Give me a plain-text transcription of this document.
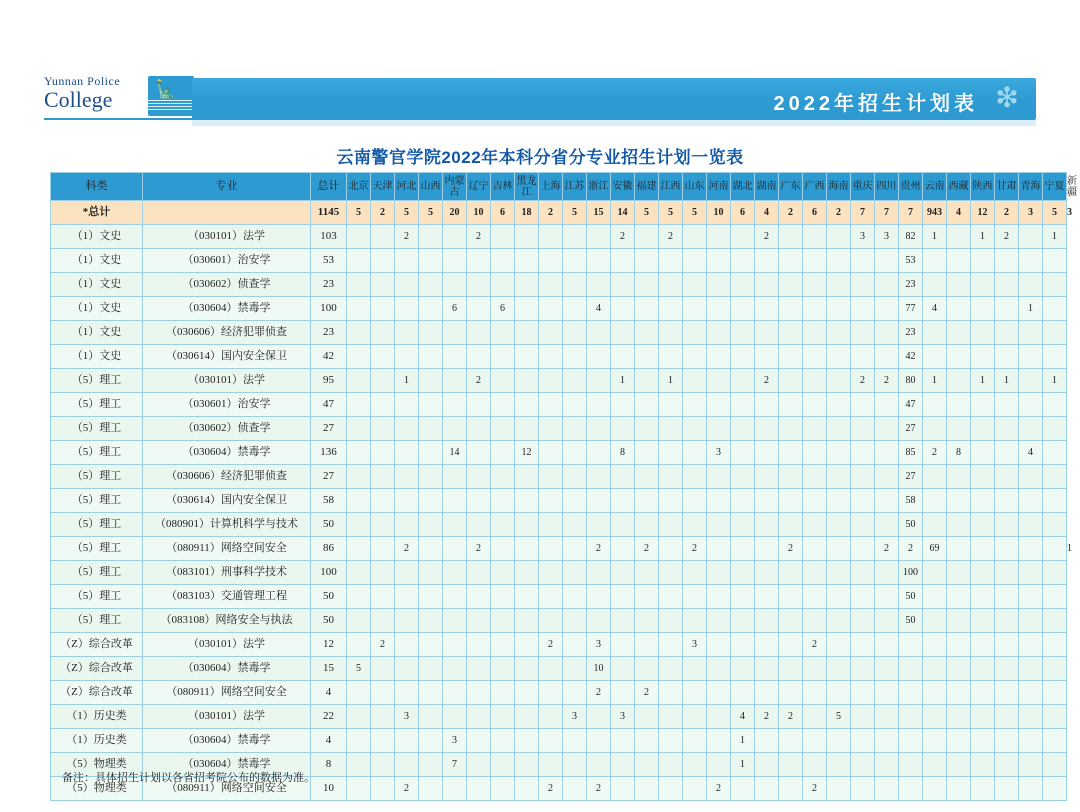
Yunnan Police
College	🗽
2022年招生计划表 ❇
云南警官学院2022年本科分省分专业招生计划一览表
科类	专业	总计	北京	天津	河北	山西	内蒙古	辽宁	吉林	黑龙江	上海	江苏	浙江	安徽	福建	江西	山东	河南	湖北	湖南	广东	广西	海南	重庆	四川	贵州	云南	西藏	陕西	甘肃	青海	宁夏	新疆

*总计		1145	5	2	5	5	20	10	6	18	2	5	15	14	5	5	5	10	6	4	2	6	2	7	7	7	943	4	12	2	3	5	3
（1）文史	（030101）法学	103			2			2						2		2				2				3	3	82	1		1	2		1	
（1）文史	（030601）治安学	53																								53							
（1）文史	（030602）侦查学	23																								23							
（1）文史	（030604）禁毒学	100					6		6				4													77	4				1		
（1）文史	（030606）经济犯罪侦查	23																								23							
（1）文史	（030614）国内安全保卫	42																								42							
（5）理工	（030101）法学	95			1			2						1		1				2				2	2	80	1		1	1		1	
（5）理工	（030601）治安学	47																								47							
（5）理工	（030602）侦查学	27																								27							
（5）理工	（030604）禁毒学	136					14			12				8				3								85	2	8			4		
（5）理工	（030606）经济犯罪侦查	27																								27							
（5）理工	（030614）国内安全保卫	58																								58							
（5）理工	（080901）计算机科学与技术	50																								50							
（5）理工	（080911）网络空间安全	86			2			2					2		2		2				2				2	2	69						1
（5）理工	（083101）刑事科学技术	100																								100							
（5）理工	（083103）交通管理工程	50																								50							
（5）理工	（083108）网络安全与执法	50																								50							
（Z）综合改革	（030101）法学	12		2							2		3				3					2											
（Z）综合改革	（030604）禁毒学	15	5										10																				
（Z）综合改革	（080911）网络空间安全	4											2		2																		
（1）历史类	（030101）法学	22			3							3		3					4	2	2		5										
（1）历史类	（030604）禁毒学	4					3												1														
（5）物理类	（030604）禁毒学	8					7												1														
（5）物理类	（080911）网络空间安全	10			2						2		2					2				2											
备注：具体招生计划以各省招考院公布的数据为准。
